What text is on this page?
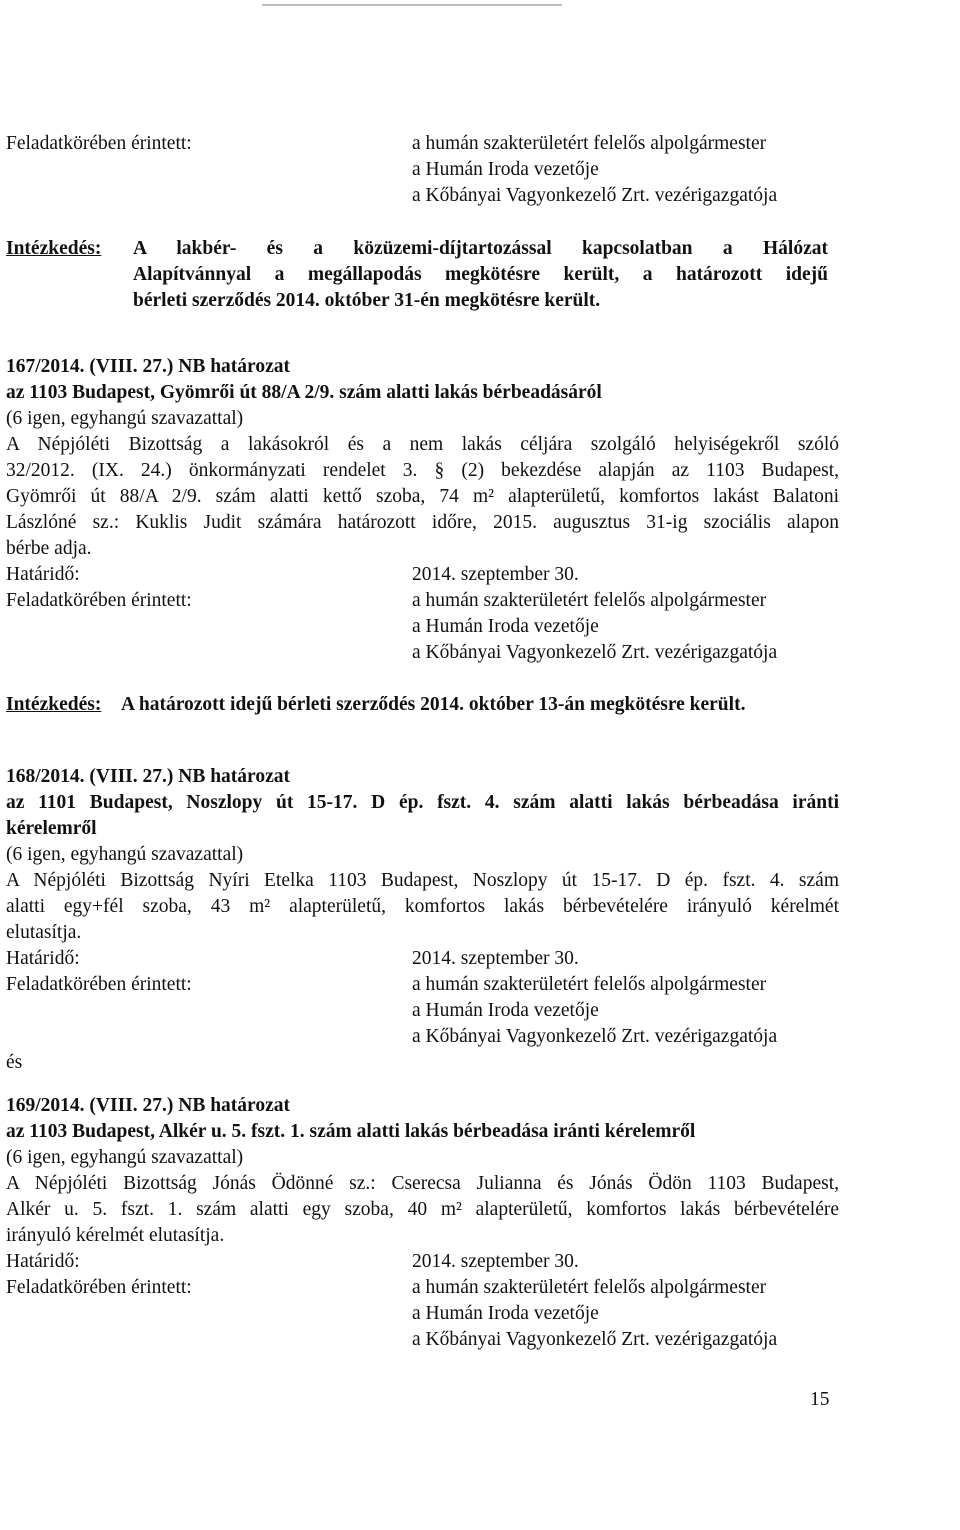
Feladatkörében érintett:	a humán szakterületért felelős alpolgármester
a Humán Iroda vezetője
a Kőbányai Vagyonkezelő Zrt. vezérigazgatója
Intézkedés: A lakbér- és a közüzemi-díjtartozással kapcsolatban a Hálózat
Alapítvánnyal a megállapodás megkötésre került, a határozott idejű
bérleti szerződés 2014. október 31-én megkötésre került.
167/2014. (VIII. 27.) NB határozat
az 1103 Budapest, Gyömrői út 88/A 2/9. szám alatti lakás bérbeadásáról
(6 igen, egyhangú szavazattal)
A Népjóléti Bizottság a lakásokról és a nem lakás céljára szolgáló helyiségekről szóló
32/2012. (IX. 24.) önkormányzati rendelet 3. § (2) bekezdése alapján az 1103 Budapest,
Gyömrői út 88/A 2/9. szám alatti kettő szoba, 74 m² alapterületű, komfortos lakást Balatoni
Lászlóné sz.: Kuklis Judit számára határozott időre, 2015. augusztus 31-ig szociális alapon
bérbe adja.
Határidő:	2014. szeptember 30.
Feladatkörében érintett:	a humán szakterületért felelős alpolgármester
a Humán Iroda vezetője
a Kőbányai Vagyonkezelő Zrt. vezérigazgatója
Intézkedés: A határozott idejű bérleti szerződés 2014. október 13-án megkötésre került.
168/2014. (VIII. 27.) NB határozat
az 1101 Budapest, Noszlopy út 15-17. D ép. fszt. 4. szám alatti lakás bérbeadása iránti
kérelemről
(6 igen, egyhangú szavazattal)
A Népjóléti Bizottság Nyíri Etelka 1103 Budapest, Noszlopy út 15-17. D ép. fszt. 4. szám
alatti egy+fél szoba, 43 m² alapterületű, komfortos lakás bérbevételére irányuló kérelmét
elutasítja.
Határidő:	2014. szeptember 30.
Feladatkörében érintett:	a humán szakterületért felelős alpolgármester
a Humán Iroda vezetője
a Kőbányai Vagyonkezelő Zrt. vezérigazgatója
és
169/2014. (VIII. 27.) NB határozat
az 1103 Budapest, Alkér u. 5. fszt. 1. szám alatti lakás bérbeadása iránti kérelemről
(6 igen, egyhangú szavazattal)
A Népjóléti Bizottság Jónás Ödönné sz.: Cserecsa Julianna és Jónás Ödön 1103 Budapest,
Alkér u. 5. fszt. 1. szám alatti egy szoba, 40 m² alapterületű, komfortos lakás bérbevételére
irányuló kérelmét elutasítja.
Határidő:	2014. szeptember 30.
Feladatkörében érintett:	a humán szakterületért felelős alpolgármester
a Humán Iroda vezetője
a Kőbányai Vagyonkezelő Zrt. vezérigazgatója
15
